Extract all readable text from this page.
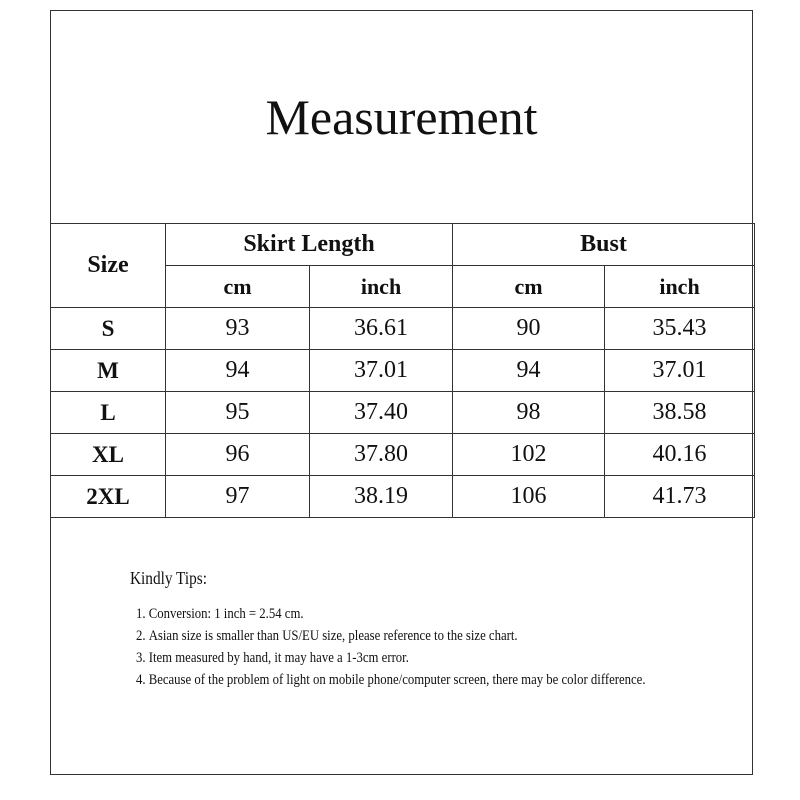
Measurement
Size	Skirt Length		Bust	
	cm	inch	cm	inch
S	93	36.61	90	35.43
M	94	37.01	94	37.01
L	95	37.40	98	38.58
XL	96	37.80	102	40.16
2XL	97	38.19	106	41.73
Kindly Tips:
1. Conversion: 1 inch = 2.54 cm.
2. Asian size is smaller than US/EU size, please reference to the size chart.
3. Item measured by hand, it may have a 1-3cm error.
4. Because of the problem of light on mobile phone/computer screen, there may be color difference.
